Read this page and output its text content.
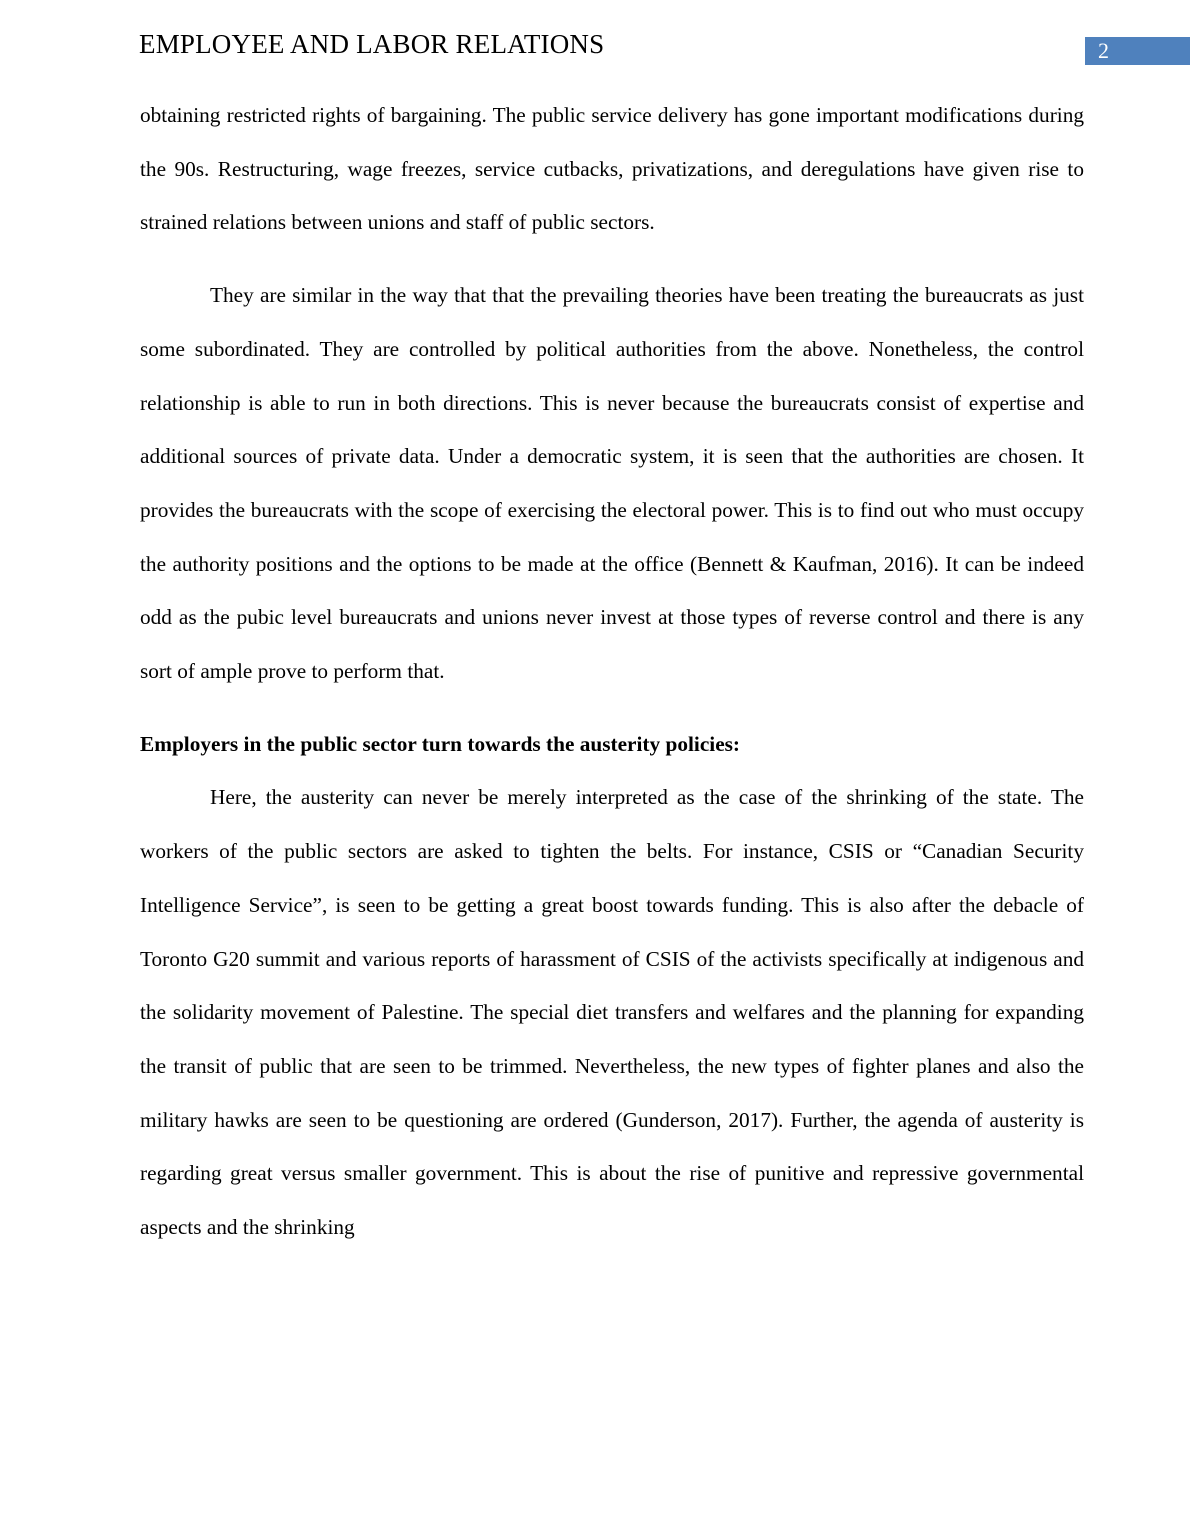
EMPLOYEE AND LABOR RELATIONS	2

obtaining restricted rights of bargaining. The public service delivery has gone important modifications during the 90s. Restructuring, wage freezes, service cutbacks, privatizations, and deregulations have given rise to strained relations between unions and staff of public sectors.

They are similar in the way that that the prevailing theories have been treating the bureaucrats as just some subordinated. They are controlled by political authorities from the above. Nonetheless, the control relationship is able to run in both directions. This is never because the bureaucrats consist of expertise and additional sources of private data. Under a democratic system, it is seen that the authorities are chosen. It provides the bureaucrats with the scope of exercising the electoral power. This is to find out who must occupy the authority positions and the options to be made at the office (Bennett & Kaufman, 2016). It can be indeed odd as the pubic level bureaucrats and unions never invest at those types of reverse control and there is any sort of ample prove to perform that.

Employers in the public sector turn towards the austerity policies:

Here, the austerity can never be merely interpreted as the case of the shrinking of the state. The workers of the public sectors are asked to tighten the belts. For instance, CSIS or “Canadian Security Intelligence Service”, is seen to be getting a great boost towards funding. This is also after the debacle of Toronto G20 summit and various reports of harassment of CSIS of the activists specifically at indigenous and the solidarity movement of Palestine. The special diet transfers and welfares and the planning for expanding the transit of public that are seen to be trimmed. Nevertheless, the new types of fighter planes and also the military hawks are seen to be questioning are ordered (Gunderson, 2017). Further, the agenda of austerity is regarding great versus smaller government. This is about the rise of punitive and repressive governmental aspects and the shrinking
